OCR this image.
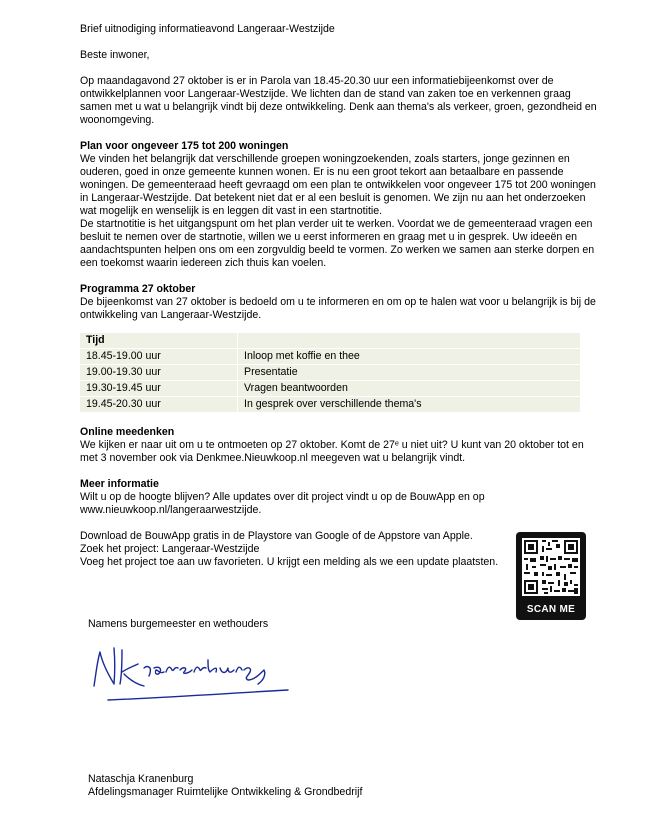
Brief uitnodiging informatieavond Langeraar-Westzijde

Beste inwoner,

Op maandagavond 27 oktober is er in Parola van 18.45-20.30 uur een informatiebijeenkomst over de ontwikkelplannen voor Langeraar-Westzijde. We lichten dan de stand van zaken toe en verkennen graag samen met u wat u belangrijk vindt bij deze ontwikkeling. Denk aan thema's als verkeer, groen, gezondheid en woonomgeving.

Plan voor ongeveer 175 tot 200 woningen

We vinden het belangrijk dat verschillende groepen woningzoekenden, zoals starters, jonge gezinnen en ouderen, goed in onze gemeente kunnen wonen. Er is nu een groot tekort aan betaalbare en passende woningen. De gemeenteraad heeft gevraagd om een plan te ontwikkelen voor ongeveer 175 tot 200 woningen in Langeraar-Westzijde. Dat betekent niet dat er al een besluit is genomen. We zijn nu aan het onderzoeken wat mogelijk en wenselijk is en leggen dit vast in een startnotitie.

De startnotitie is het uitgangspunt om het plan verder uit te werken. Voordat we de gemeenteraad vragen een besluit te nemen over de startnotie, willen we u eerst informeren en graag met u in gesprek. Uw ideeën en aandachtspunten helpen ons om een zorgvuldig beeld te vormen. Zo werken we samen aan sterke dorpen en een toekomst waarin iedereen zich thuis kan voelen.

Programma 27 oktober

De bijeenkomst van 27 oktober is bedoeld om u te informeren en om op te halen wat voor u belangrijk is bij de ontwikkeling van Langeraar-Westzijde.

Tijd	
18.45-19.00 uur	Inloop met koffie en thee
19.00-19.30 uur	Presentatie
19.30-19.45 uur	Vragen beantwoorden
19.45-20.30 uur	In gesprek over verschillende thema's

Online meedenken

We kijken er naar uit om u te ontmoeten op 27 oktober. Komt de 27ᵉ u niet uit? U kunt van 20 oktober tot en met 3 november ook via Denkmee.Nieuwkoop.nl meegeven wat u belangrijk vindt.

Meer informatie

Wilt u op de hoogte blijven? Alle updates over dit project vindt u op de BouwApp en op www.nieuwkoop.nl/langeraarwestzijde.

Download de BouwApp gratis in de Playstore van Google of de Appstore van Apple.

Zoek het project: Langeraar-Westzijde

Voeg het project toe aan uw favorieten. U krijgt een melding als we een update plaatsten.

SCAN ME

Namens burgemeester en wethouders

N Kranenburg

Nataschja Kranenburg

Afdelingsmanager Ruimtelijke Ontwikkeling & Grondbedrijf
